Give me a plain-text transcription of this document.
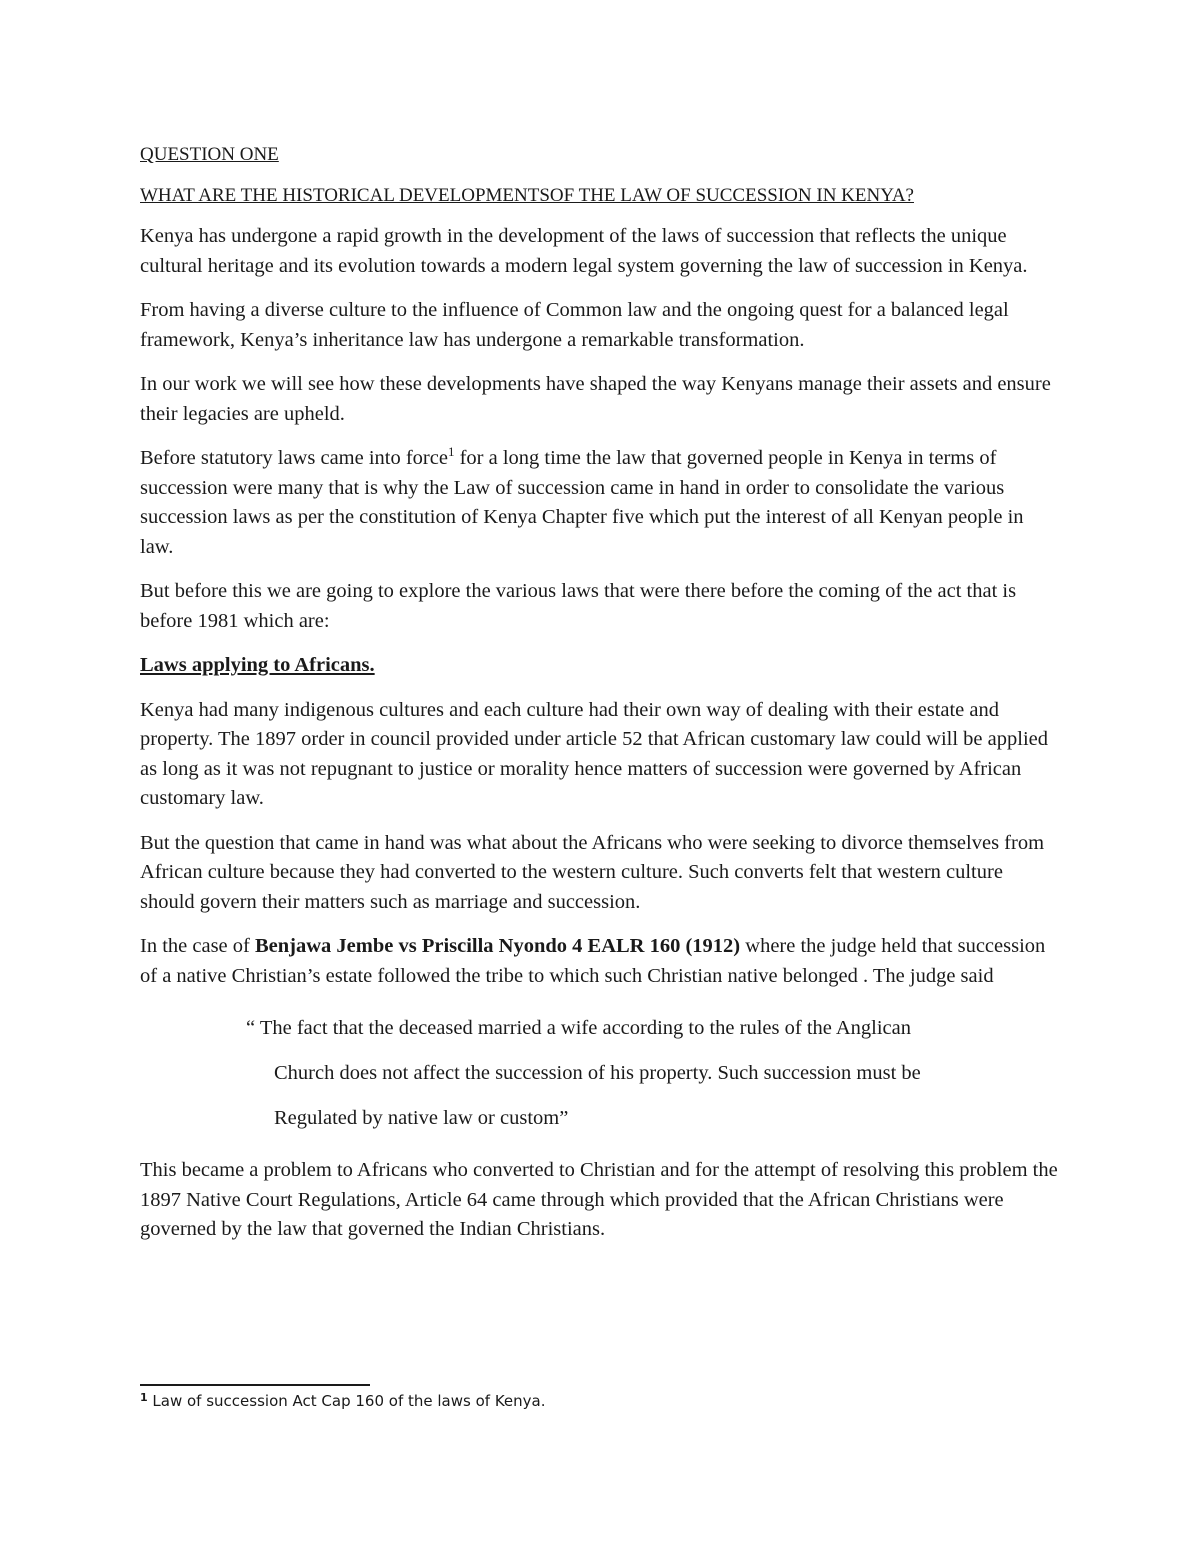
QUESTION ONE
WHAT ARE THE HISTORICAL DEVELOPMENTSOF THE LAW OF SUCCESSION IN KENYA?

Kenya has undergone a rapid growth in the development of the laws of succession that reflects the unique cultural heritage and its evolution towards a modern legal system governing the law of succession in Kenya.

From having a diverse culture to the influence of Common law and the ongoing quest for a balanced legal framework, Kenya’s inheritance law has undergone a remarkable transformation.

In our work we will see how these developments have shaped the way Kenyans manage their assets and ensure their legacies are upheld.

Before statutory laws came into force$^1$ for a long time the law that governed people in Kenya in terms of succession were many that is why the Law of succession came in hand in order to consolidate the various succession laws as per the constitution of Kenya Chapter five which put the interest of all Kenyan people in law.

But before this we are going to explore the various laws that were there before the coming of the act that is before 1981 which are:

Laws applying to Africans.

Kenya had many indigenous cultures and each culture had their own way of dealing with their estate and property. The 1897 order in council provided under article 52 that African customary law could will be applied as long as it was not repugnant to justice or morality hence matters of succession were governed by African customary law.

But the question that came in hand was what about the Africans who were seeking to divorce themselves from African culture because they had converted to the western culture. Such converts felt that western culture should govern their matters such as marriage and succession.

In the case of Benjawa Jembe vs Priscilla Nyondo 4 EALR 160 (1912) where the judge held that succession of a native Christian’s estate followed the tribe to which such Christian native belonged . The judge said

“ The fact that the deceased married a wife according to the rules of the Anglican
Church does not affect the succession of his property. Such succession must be
Regulated by native law or custom”

This became a problem to Africans who converted to Christian and for the attempt of resolving this problem the 1897 Native Court Regulations, Article 64 came through which provided that the African Christians were governed by the law that governed the Indian Christians.

$^1$ Law of succession Act Cap 160 of the laws of Kenya.
